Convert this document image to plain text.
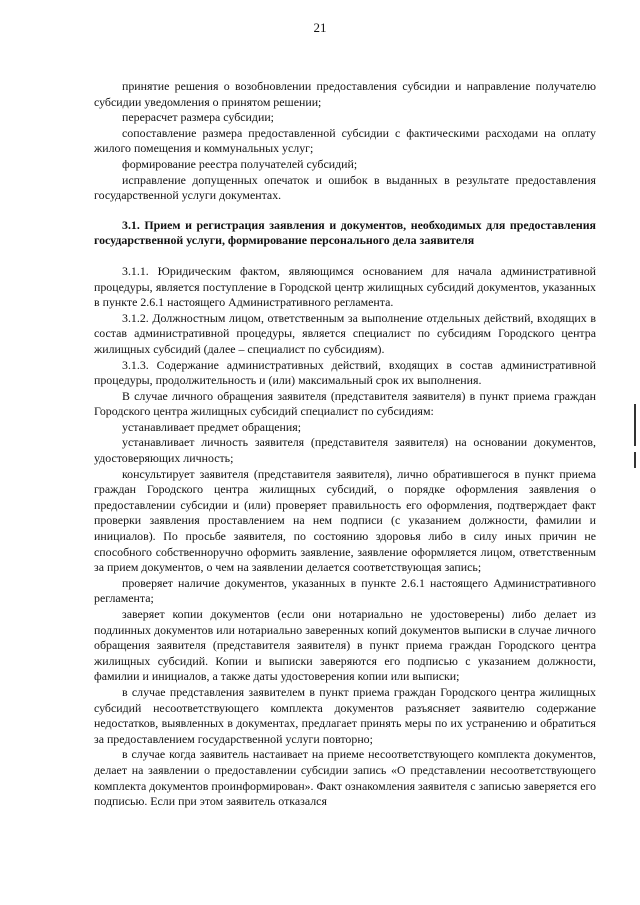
21

принятие решения о возобновлении предоставления субсидии и направление получателю субсидии уведомления о принятом решении;

перерасчет размера субсидии;

сопоставление размера предоставленной субсидии с фактическими расходами на оплату жилого помещения и коммунальных услуг;

формирование реестра получателей субсидий;

исправление допущенных опечаток и ошибок в выданных в результате предоставления государственной услуги документах.

3.1. Прием и регистрация заявления и документов, необходимых для предоставления государственной услуги, формирование персонального дела заявителя

3.1.1. Юридическим фактом, являющимся основанием для начала административной процедуры, является поступление в Городской центр жилищных субсидий документов, указанных в пункте 2.6.1 настоящего Административного регламента.

3.1.2. Должностным лицом, ответственным за выполнение отдельных действий, входящих в состав административной процедуры, является специалист по субсидиям Городского центра жилищных субсидий (далее – специалист по субсидиям).

3.1.3. Содержание административных действий, входящих в состав административной процедуры, продолжительность и (или) максимальный срок их выполнения.

В случае личного обращения заявителя (представителя заявителя) в пункт приема граждан Городского центра жилищных субсидий специалист по субсидиям:

устанавливает предмет обращения;

устанавливает личность заявителя (представителя заявителя) на основании документов, удостоверяющих личность;

консультирует заявителя (представителя заявителя), лично обратившегося в пункт приема граждан Городского центра жилищных субсидий, о порядке оформления заявления о предоставлении субсидии и (или) проверяет правильность его оформления, подтверждает факт проверки заявления проставлением на нем подписи (с указанием должности, фамилии и инициалов). По просьбе заявителя, по состоянию здоровья либо в силу иных причин не способного собственноручно оформить заявление, заявление оформляется лицом, ответственным за прием документов, о чем на заявлении делается соответствующая запись;

проверяет наличие документов, указанных в пункте 2.6.1 настоящего Административного регламента;

заверяет копии документов (если они нотариально не удостоверены) либо делает из подлинных документов или нотариально заверенных копий документов выписки в случае личного обращения заявителя (представителя заявителя) в пункт приема граждан Городского центра жилищных субсидий. Копии и выписки заверяются его подписью с указанием должности, фамилии и инициалов, а также даты удостоверения копии или выписки;

в случае представления заявителем в пункт приема граждан Городского центра жилищных субсидий несоответствующего комплекта документов разъясняет заявителю содержание недостатков, выявленных в документах, предлагает принять меры по их устранению и обратиться за предоставлением государственной услуги повторно;

в случае когда заявитель настаивает на приеме несоответствующего комплекта документов, делает на заявлении о предоставлении субсидии запись «О представлении несоответствующего комплекта документов проинформирован». Факт ознакомления заявителя с записью заверяется его подписью. Если при этом заявитель отказался
